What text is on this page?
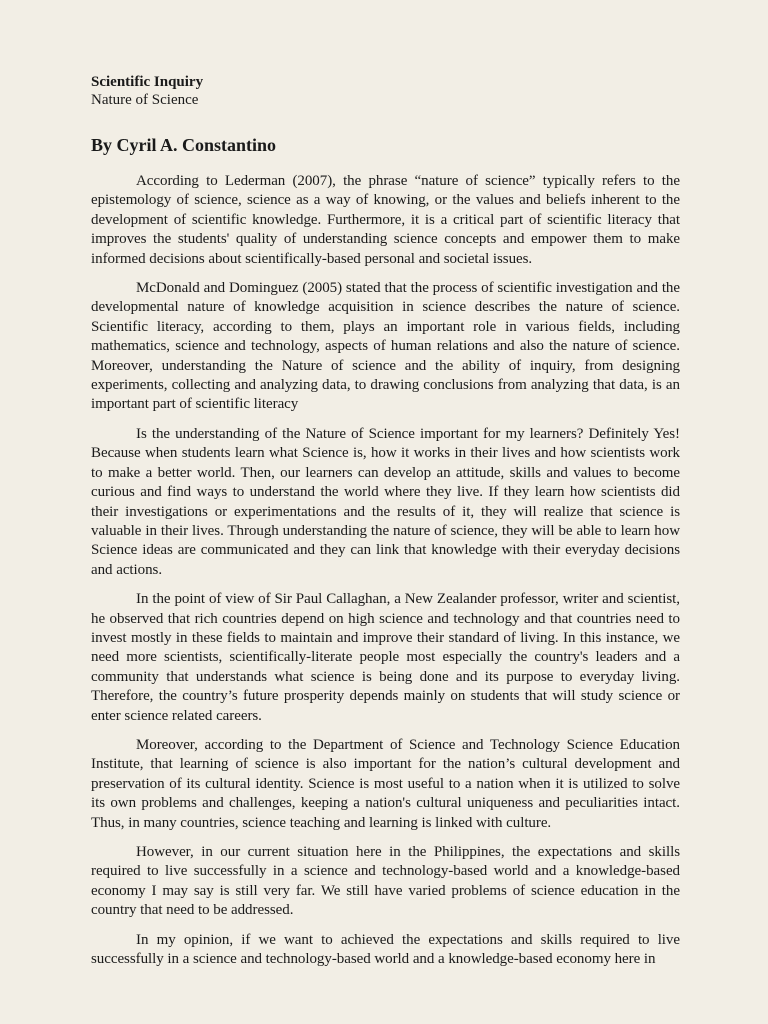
Scientific Inquiry

Nature of Science

By Cyril A. Constantino

According to Lederman (2007), the phrase “nature of science” typically refers to the epistemology of science, science as a way of knowing, or the values and beliefs inherent to the development of scientific knowledge. Furthermore, it is a critical part of scientific literacy that improves the students' quality of understanding science concepts and empower them to make informed decisions about scientifically-based personal and societal issues.

McDonald and Dominguez (2005) stated that the process of scientific investigation and the developmental nature of knowledge acquisition in science describes the nature of science. Scientific literacy, according to them, plays an important role in various fields, including mathematics, science and technology, aspects of human relations and also the nature of science. Moreover, understanding the Nature of science and the ability of inquiry, from designing experiments, collecting and analyzing data, to drawing conclusions from analyzing that data, is an important part of scientific literacy

Is the understanding of the Nature of Science important for my learners? Definitely Yes! Because when students learn what Science is, how it works in their lives and how scientists work to make a better world. Then, our learners can develop an attitude, skills and values to become curious and find ways to understand the world where they live. If they learn how scientists did their investigations or experimentations and the results of it, they will realize that science is valuable in their lives. Through understanding the nature of science, they will be able to learn how Science ideas are communicated and they can link that knowledge with their everyday decisions and actions.

In the point of view of Sir Paul Callaghan, a New Zealander professor, writer and scientist, he observed that rich countries depend on high science and technology and that countries need to invest mostly in these fields to maintain and improve their standard of living. In this instance, we need more scientists, scientifically-literate people most especially the country's leaders and a community that understands what science is being done and its purpose to everyday living. Therefore, the country’s future prosperity depends mainly on students that will study science or enter science related careers.

Moreover, according to the Department of Science and Technology Science Education Institute, that learning of science is also important for the nation’s cultural development and preservation of its cultural identity. Science is most useful to a nation when it is utilized to solve its own problems and challenges, keeping a nation's cultural uniqueness and peculiarities intact. Thus, in many countries, science teaching and learning is linked with culture.

However, in our current situation here in the Philippines, the expectations and skills required to live successfully in a science and technology-based world and a knowledge-based economy I may say is still very far. We still have varied problems of science education in the country that need to be addressed.

In my opinion, if we want to achieved the expectations and skills required to live successfully in a science and technology-based world and a knowledge-based economy here in
